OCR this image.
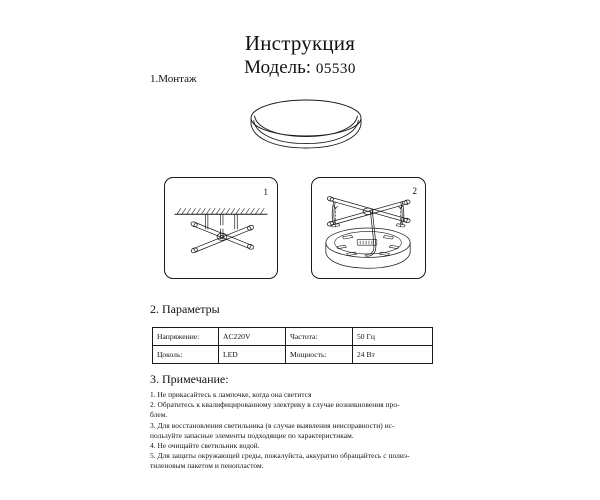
Инструкция
Модель: 05530
1.Монтаж
1	2
2. Параметры
Напряжение:	AC220V	Частота:	50 Гц
Цоколь:	LED	Мощность:	24 Вт
3. Примечание:
1. Не прикасайтесь к лампочке, когда она светится
2. Обратитесь к квалифицированному электрику в случае возникновения про-
блем.
3. Для восстановления светильника (в случае выявления неисправности) ис-
пользуйте запасные элементы подходящие по характеристикам.
4. Не очищайте светильник водой.
5. Для защиты окружающей среды, пожалуйста, аккуратно обращайтесь с полиэ-
тиленовым пакетом и пенопластом.
